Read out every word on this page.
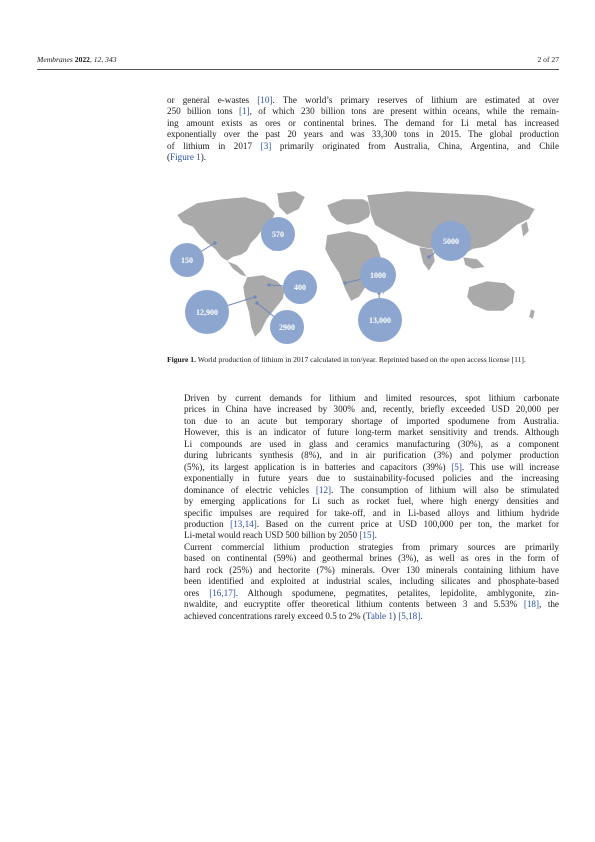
Membranes 2022, 12, 343	2 of 27

or general e-wastes [10]. The world’s primary reserves of lithium are estimated at over
250 billion tons [1], of which 230 billion tons are present within oceans, while the remain-
ing amount exists as ores or continental brines. The demand for Li metal has increased
exponentially over the past 20 years and was 33,300 tons in 2015. The global production
of lithium in 2017 [3] primarily originated from Australia, China, Argentina, and Chile
(Figure 1).

150
570
5000
400
1000
12,900
2900
13,000

Figure 1. World production of lithium in 2017 calculated in ton/year. Reprinted based on the open access license [11].

Driven by current demands for lithium and limited resources, spot lithium carbonate
prices in China have increased by 300% and, recently, briefly exceeded USD 20,000 per
ton due to an acute but temporary shortage of imported spodumene from Australia.
However, this is an indicator of future long-term market sensitivity and trends. Although
Li compounds are used in glass and ceramics manufacturing (30%), as a component
during lubricants synthesis (8%), and in air purification (3%) and polymer production
(5%), its largest application is in batteries and capacitors (39%) [5]. This use will increase
exponentially in future years due to sustainability-focused policies and the increasing
dominance of electric vehicles [12]. The consumption of lithium will also be stimulated
by emerging applications for Li such as rocket fuel, where high energy densities and
specific impulses are required for take-off, and in Li-based alloys and lithium hydride
production [13,14]. Based on the current price at USD 100,000 per ton, the market for
Li-metal would reach USD 500 billion by 2050 [15].

Current commercial lithium production strategies from primary sources are primarily
based on continental (59%) and geothermal brines (3%), as well as ores in the form of
hard rock (25%) and hectorite (7%) minerals. Over 130 minerals containing lithium have
been identified and exploited at industrial scales, including silicates and phosphate-based
ores [16,17]. Although spodumene, pegmatites, petalites, lepidolite, amblygonite, zin-
nwaldite, and eucryptite offer theoretical lithium contents between 3 and 5.53% [18], the
achieved concentrations rarely exceed 0.5 to 2% (Table 1) [5,18].
